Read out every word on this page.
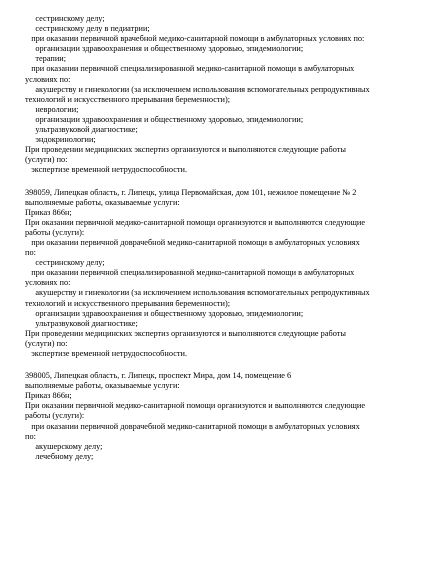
сестринскому делу;
сестринскому делу в педиатрии;
при оказании первичной врачебной медико-санитарной помощи в амбулаторных условиях по:
организации здравоохранения и общественному здоровью, эпидемиологии;
терапии;
при оказании первичной специализированной медико-санитарной помощи в амбулаторных
условиях по:
акушерству и гинекологии (за исключением использования вспомогательных репродуктивных
технологий и искусственного прерывания беременности);
неврологии;
организации здравоохранения и общественному здоровью, эпидемиологии;
ультразвуковой диагностике;
эндокринологии;
При проведении медицинских экспертиз организуются и выполняются следующие работы
(услуги) по:
экспертизе временной нетрудоспособности.
398059, Липецкая область, г. Липецк, улица Первомайская, дом 101, нежилое помещение № 2
выполняемые работы, оказываемые услуги:
Приказ 866н;
При оказании первичной медико-санитарной помощи организуются и выполняются следующие
работы (услуги):
при оказании первичной доврачебной медико-санитарной помощи в амбулаторных условиях
по:
сестринскому делу;
при оказании первичной специализированной медико-санитарной помощи в амбулаторных
условиях по:
акушерству и гинекологии (за исключением использования вспомогательных репродуктивных
технологий и искусственного прерывания беременности);
организации здравоохранения и общественному здоровью, эпидемиологии;
ультразвуковой диагностике;
При проведении медицинских экспертиз организуются и выполняются следующие работы
(услуги) по:
экспертизе временной нетрудоспособности.
398005, Липецкая область, г. Липецк, проспект Мира, дом 14, помещение 6
выполняемые работы, оказываемые услуги:
Приказ 866н;
При оказании первичной медико-санитарной помощи организуются и выполняются следующие
работы (услуги):
при оказании первичной доврачебной медико-санитарной помощи в амбулаторных условиях
по:
акушерскому делу;
лечебному делу;
